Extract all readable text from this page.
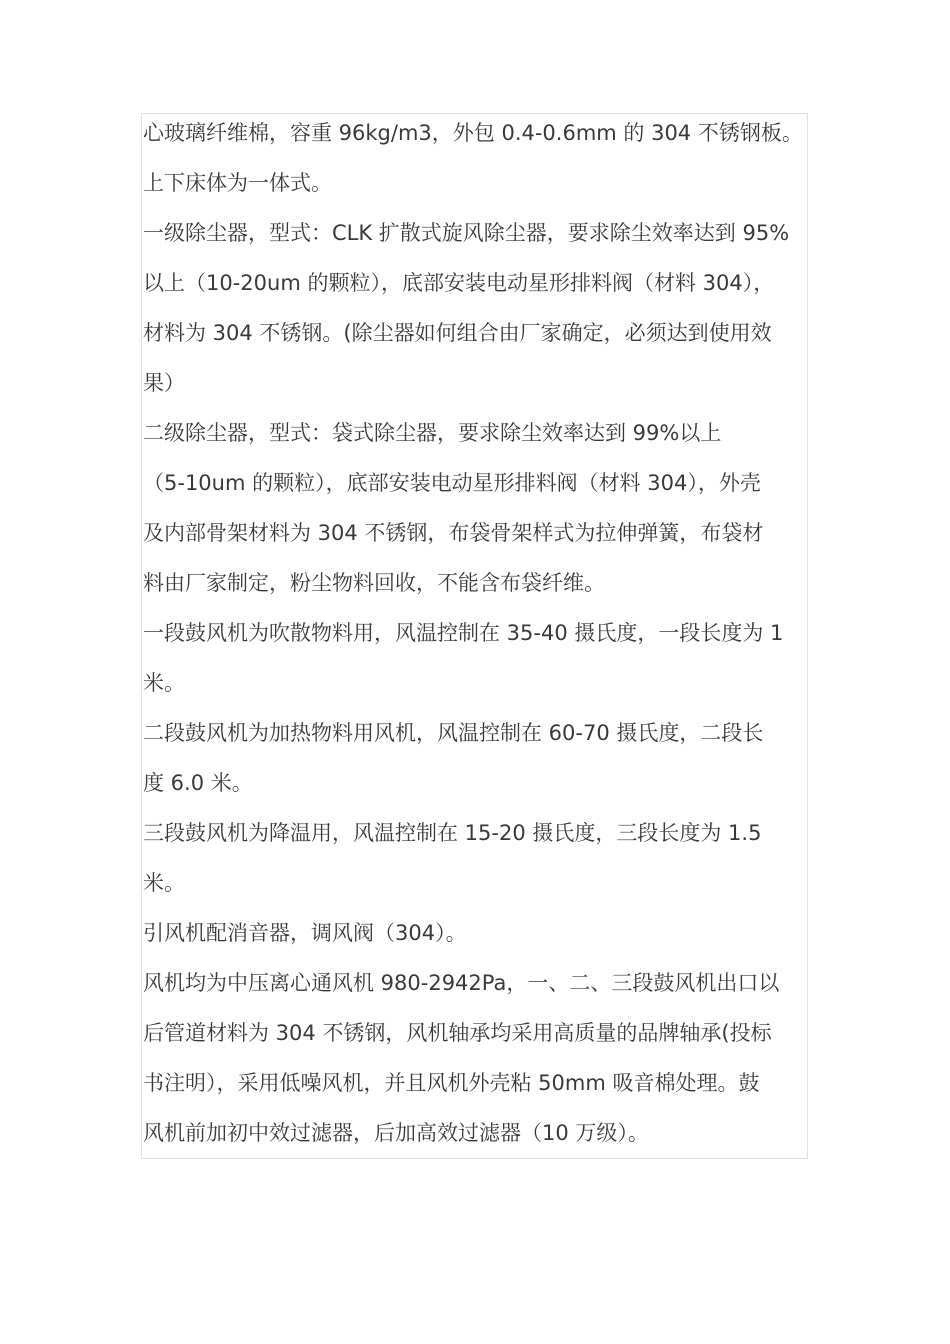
心玻璃纤维棉，容重 96kg/m3，外包 0.4-0.6mm 的 304 不锈钢板。
上下床体为一体式。
一级除尘器，型式：CLK 扩散式旋风除尘器，要求除尘效率达到 95%
以上（10-20um 的颗粒），底部安装电动星形排料阀（材料 304），
材料为 304 不锈钢。(除尘器如何组合由厂家确定，必须达到使用效
果）
二级除尘器，型式：袋式除尘器，要求除尘效率达到 99%以上
（5-10um 的颗粒），底部安装电动星形排料阀（材料 304），外壳
及内部骨架材料为 304 不锈钢，布袋骨架样式为拉伸弹簧，布袋材
料由厂家制定，粉尘物料回收，不能含布袋纤维。
一段鼓风机为吹散物料用，风温控制在 35-40 摄氏度，一段长度为 1
米。
二段鼓风机为加热物料用风机，风温控制在 60-70 摄氏度，二段长
度 6.0 米。
三段鼓风机为降温用，风温控制在 15-20 摄氏度，三段长度为 1.5
米。
引风机配消音器，调风阀（304）。
风机均为中压离心通风机 980-2942Pa，一、二、三段鼓风机出口以
后管道材料为 304 不锈钢，风机轴承均采用高质量的品牌轴承(投标
书注明），采用低噪风机，并且风机外壳粘 50mm 吸音棉处理。鼓
风机前加初中效过滤器，后加高效过滤器（10 万级）。
